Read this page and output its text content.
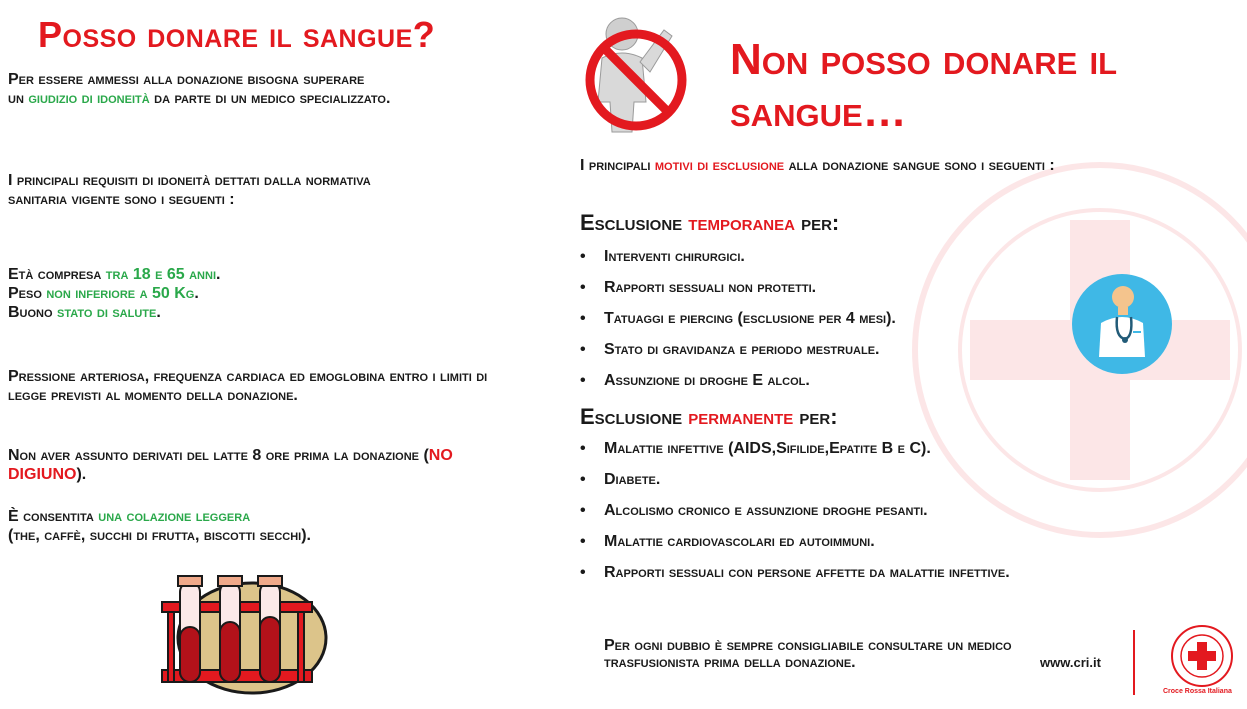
Posso donare il sangue?
Per essere ammessi alla donazione bisogna superare
un giudizio di idoneità da parte di un medico specializzato.
I principali requisiti di idoneità dettati dalla normativa
sanitaria vigente sono i seguenti :
Età compresa tra 18 e 65 anni.
Peso non inferiore a 50 Kg.
Buono stato di salute.
Pressione arteriosa, frequenza cardiaca ed emoglobina entro i limiti di legge previsti al momento della donazione.
Non aver assunto derivati del latte 8 ore prima la donazione (NO DIGIUNO).
È consentita una colazione leggera
(the, caffè, succhi di frutta, biscotti secchi).
Non posso donare il sangue…
I principali motivi di esclusione alla donazione sangue sono i seguenti :
Esclusione temporanea per:
• Interventi chirurgici.
• Rapporti sessuali non protetti.
• Tatuaggi e piercing (esclusione per 4 mesi).
• Stato di gravidanza e periodo mestruale.
• Assunzione di droghe E alcol.
Esclusione permanente per:
• Malattie infettive (AIDS,Sifilide,Epatite B e C).
• Diabete.
• Alcolismo cronico e assunzione droghe pesanti.
• Malattie cardiovascolari ed autoimmuni.
• Rapporti sessuali con persone affette da malattie infettive.
Per ogni dubbio è sempre consigliabile consultare un medico trasfusionista prima della donazione.	www.cri.it
Croce Rossa Italiana
